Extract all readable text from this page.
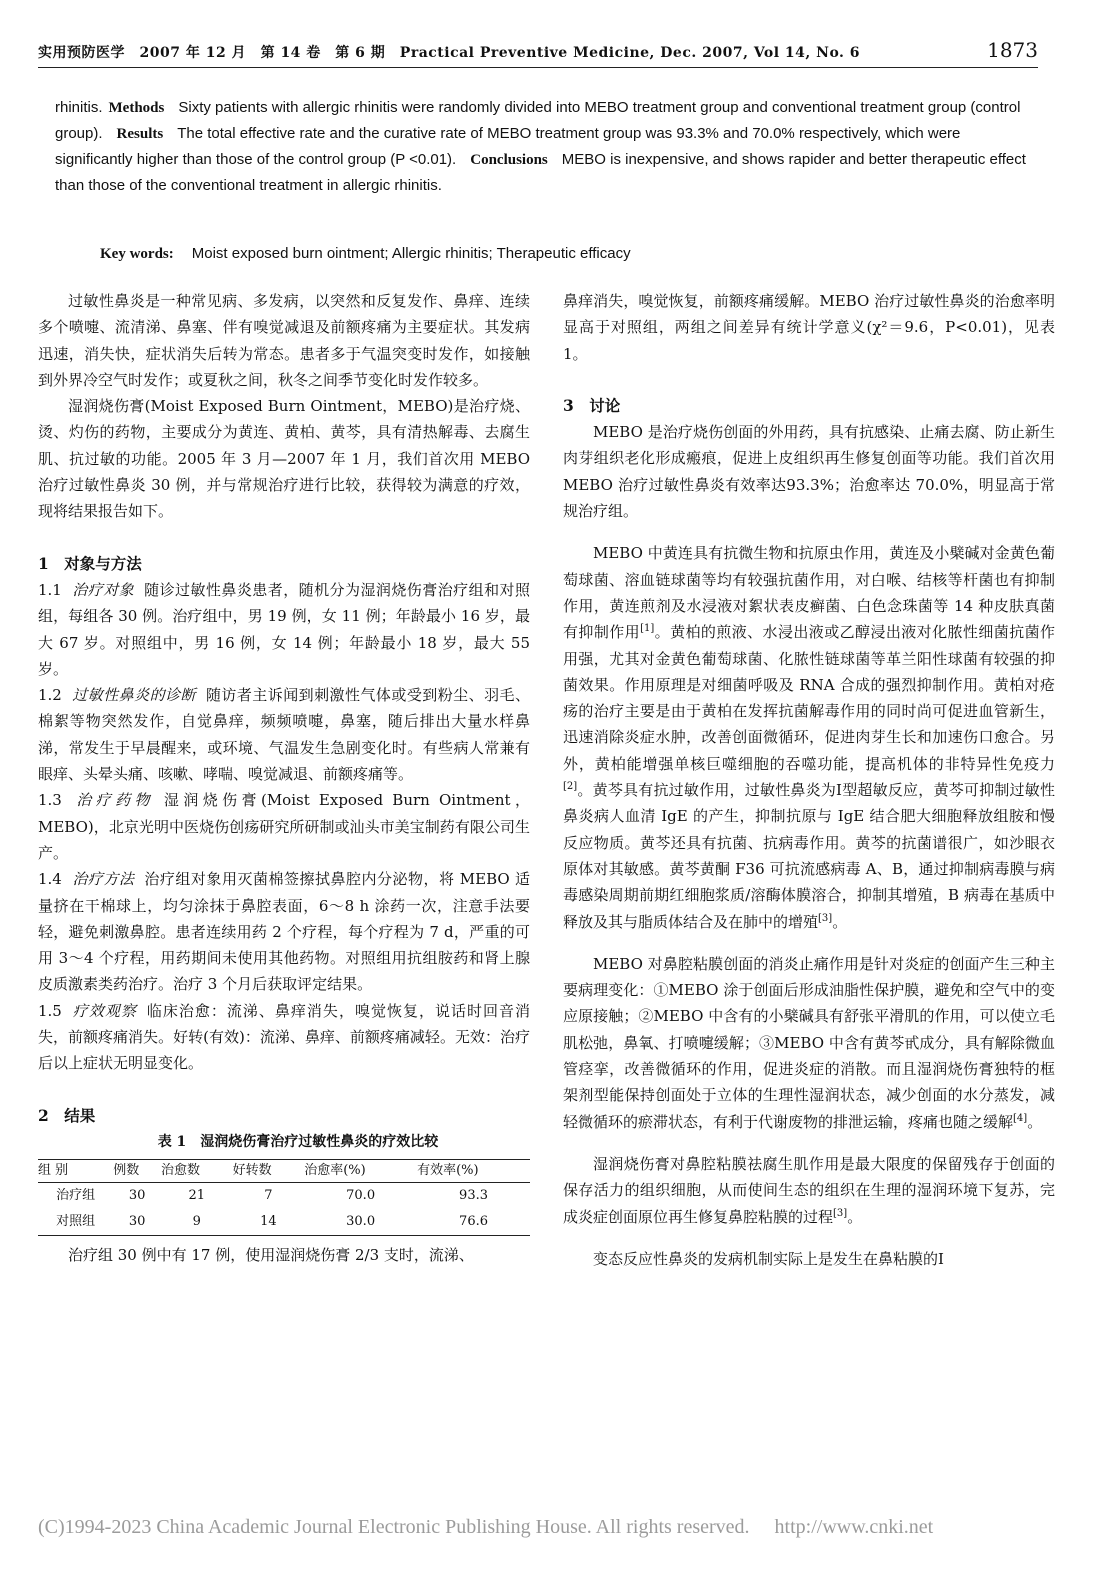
实用预防医学　2007 年 12 月　第 14 卷　第 6 期　Practical Preventive Medicine, Dec. 2007, Vol 14, No. 6	1873
rhinitis. Methods Sixty patients with allergic rhinitis were randomly divided into MEBO treatment group and conventional treatment group (control group). Results The total effective rate and the curative rate of MEBO treatment group was 93.3% and 70.0% respectively, which were significantly higher than those of the control group (P <0.01). Conclusions MEBO is inexpensive, and shows rapider and better therapeutic effect than those of the conventional treatment in allergic rhinitis.
Key words: Moist exposed burn ointment; Allergic rhinitis; Therapeutic efficacy

过敏性鼻炎是一种常见病、多发病，以突然和反复发作、鼻痒、连续多个喷嚏、流清涕、鼻塞、伴有嗅觉减退及前额疼痛为主要症状。其发病迅速，消失快，症状消失后转为常态。患者多于气温突变时发作，如接触到外界冷空气时发作；或夏秋之间，秋冬之间季节变化时发作较多。

湿润烧伤膏(Moist Exposed Burn Ointment，MEBO)是治疗烧、烫、灼伤的药物，主要成分为黄连、黄柏、黄芩，具有清热解毒、去腐生肌、抗过敏的功能。2005 年 3 月—2007 年 1 月，我们首次用 MEBO 治疗过敏性鼻炎 30 例，并与常规治疗进行比较，获得较为满意的疗效，现将结果报告如下。

1　对象与方法

1.1 治疗对象 随诊过敏性鼻炎患者，随机分为湿润烧伤膏治疗组和对照组，每组各 30 例。治疗组中，男 19 例，女 11 例；年龄最小 16 岁，最大 67 岁。对照组中，男 16 例，女 14 例；年龄最小 18 岁，最大 55 岁。

1.2 过敏性鼻炎的诊断 随访者主诉闻到刺激性气体或受到粉尘、羽毛、棉絮等物突然发作，自觉鼻痒，频频喷嚏，鼻塞，随后排出大量水样鼻涕，常发生于早晨醒来，或环境、气温发生急剧变化时。有些病人常兼有眼痒、头晕头痛、咳嗽、哮喘、嗅觉减退、前额疼痛等。

1.3 治疗药物 湿润烧伤膏(Moist Exposed Burn Ointment，MEBO)，北京光明中医烧伤创疡研究所研制或汕头市美宝制药有限公司生产。

1.4 治疗方法 治疗组对象用灭菌棉签擦拭鼻腔内分泌物，将 MEBO 适量挤在干棉球上，均匀涂抹于鼻腔表面，6～8 h 涂药一次，注意手法要轻，避免刺激鼻腔。患者连续用药 2 个疗程，每个疗程为 7 d，严重的可用 3～4 个疗程，用药期间未使用其他药物。对照组用抗组胺药和肾上腺皮质激素类药治疗。治疗 3 个月后获取评定结果。

1.5 疗效观察 临床治愈：流涕、鼻痒消失，嗅觉恢复，说话时回音消失，前额疼痛消失。好转(有效)：流涕、鼻痒、前额疼痛减轻。无效：治疗后以上症状无明显变化。

2　结果

表 1　湿润烧伤膏治疗过敏性鼻炎的疗效比较

组 别	例数	治愈数	好转数	治愈率(%)	有效率(%)
治疗组	30	21	7	70.0	93.3
对照组	30	9	14	30.0	76.6

治疗组 30 例中有 17 例，使用湿润烧伤膏 2/3 支时，流涕、

鼻痒消失，嗅觉恢复，前额疼痛缓解。MEBO 治疗过敏性鼻炎的治愈率明显高于对照组，两组之间差异有统计学意义(χ²＝9.6，P<0.01)，见表 1。

3　讨论

MEBO 是治疗烧伤创面的外用药，具有抗感染、止痛去腐、防止新生肉芽组织老化形成瘢痕，促进上皮组织再生修复创面等功能。我们首次用 MEBO 治疗过敏性鼻炎有效率达93.3%；治愈率达 70.0%，明显高于常规治疗组。

MEBO 中黄连具有抗微生物和抗原虫作用，黄连及小檗碱对金黄色葡萄球菌、溶血链球菌等均有较强抗菌作用，对白喉、结核等杆菌也有抑制作用，黄连煎剂及水浸液对絮状表皮癣菌、白色念珠菌等 14 种皮肤真菌有抑制作用[1]。黄柏的煎液、水浸出液或乙醇浸出液对化脓性细菌抗菌作用强，尤其对金黄色葡萄球菌、化脓性链球菌等革兰阳性球菌有较强的抑菌效果。作用原理是对细菌呼吸及 RNA 合成的强烈抑制作用。黄柏对疮疡的治疗主要是由于黄柏在发挥抗菌解毒作用的同时尚可促进血管新生，迅速消除炎症水肿，改善创面微循环，促进肉芽生长和加速伤口愈合。另外，黄柏能增强单核巨噬细胞的吞噬功能，提高机体的非特异性免疫力[2]。黄芩具有抗过敏作用，过敏性鼻炎为Ⅰ型超敏反应，黄芩可抑制过敏性鼻炎病人血清 IgE 的产生，抑制抗原与 IgE 结合肥大细胞释放组胺和慢反应物质。黄芩还具有抗菌、抗病毒作用。黄芩的抗菌谱很广，如沙眼衣原体对其敏感。黄芩黄酮 F36 可抗流感病毒 A、B，通过抑制病毒膜与病毒感染周期前期红细胞浆质/溶酶体膜溶合，抑制其增殖，B 病毒在基质中释放及其与脂质体结合及在肺中的增殖[3]。

MEBO 对鼻腔粘膜创面的消炎止痛作用是针对炎症的创面产生三种主要病理变化：①MEBO 涂于创面后形成油脂性保护膜，避免和空气中的变应原接触；②MEBO 中含有的小檗碱具有舒张平滑肌的作用，可以使立毛肌松弛，鼻氧、打喷嚏缓解；③MEBO 中含有黄芩甙成分，具有解除微血管痉挛，改善微循环的作用，促进炎症的消散。而且湿润烧伤膏独特的框架剂型能保持创面处于立体的生理性湿润状态，减少创面的水分蒸发，减轻微循环的瘀滞状态，有利于代谢废物的排泄运输，疼痛也随之缓解[4]。

湿润烧伤膏对鼻腔粘膜祛腐生肌作用是最大限度的保留残存于创面的保存活力的组织细胞，从而使间生态的组织在生理的湿润环境下复苏，完成炎症创面原位再生修复鼻腔粘膜的过程[3]。

变态反应性鼻炎的发病机制实际上是发生在鼻粘膜的Ⅰ

(C)1994-2023 China Academic Journal Electronic Publishing House. All rights reserved.　 http://www.cnki.net
